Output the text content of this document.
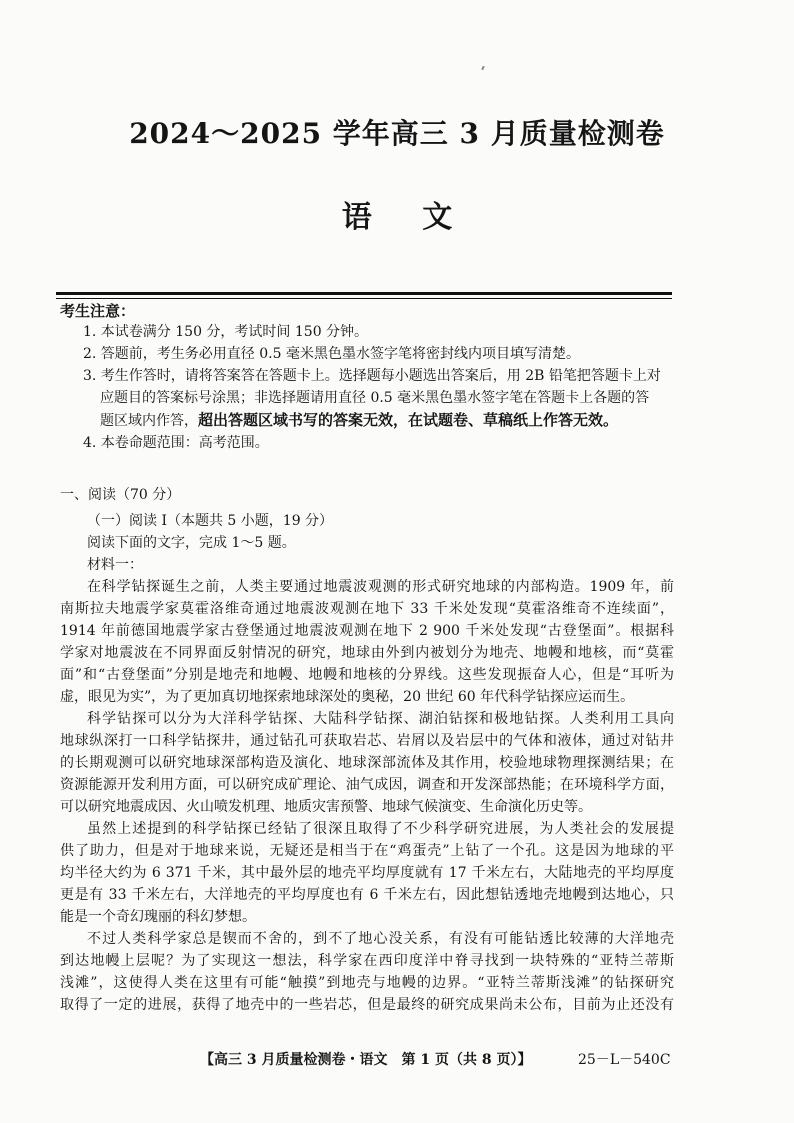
2024～2025 学年高三 3 月质量检测卷
语 文
考生注意：
1. 本试卷满分 150 分，考试时间 150 分钟。
2. 答题前，考生务必用直径 0.5 毫米黑色墨水签字笔将密封线内项目填写清楚。
3. 考生作答时，请将答案答在答题卡上。选择题每小题选出答案后，用 2B 铅笔把答题卡上对
应题目的答案标号涂黑；非选择题请用直径 0.5 毫米黑色墨水签字笔在答题卡上各题的答
题区域内作答，超出答题区域书写的答案无效，在试题卷、草稿纸上作答无效。
4. 本卷命题范围：高考范围。
一、阅读（70 分）
（一）阅读 Ⅰ（本题共 5 小题，19 分）
阅读下面的文字，完成 1～5 题。
材料一：
在科学钻探诞生之前，人类主要通过地震波观测的形式研究地球的内部构造。1909 年，前
南斯拉夫地震学家莫霍洛维奇通过地震波观测在地下 33 千米处发现“莫霍洛维奇不连续面”，
1914 年前德国地震学家古登堡通过地震波观测在地下 2 900 千米处发现“古登堡面”。根据科
学家对地震波在不同界面反射情况的研究，地球由外到内被划分为地壳、地幔和地核，而“莫霍
面”和“古登堡面”分别是地壳和地幔、地幔和地核的分界线。这些发现振奋人心，但是“耳听为
虚，眼见为实”，为了更加真切地探索地球深处的奥秘，20 世纪 60 年代科学钻探应运而生。
科学钻探可以分为大洋科学钻探、大陆科学钻探、湖泊钻探和极地钻探。人类利用工具向
地球纵深打一口科学钻探井，通过钻孔可获取岩芯、岩屑以及岩层中的气体和液体，通过对钻井
的长期观测可以研究地球深部构造及演化、地球深部流体及其作用，校验地球物理探测结果；在
资源能源开发利用方面，可以研究成矿理论、油气成因，调查和开发深部热能；在环境科学方面，
可以研究地震成因、火山喷发机理、地质灾害预警、地球气候演变、生命演化历史等。
虽然上述提到的科学钻探已经钻了很深且取得了不少科学研究进展，为人类社会的发展提
供了助力，但是对于地球来说，无疑还是相当于在“鸡蛋壳”上钻了一个孔。这是因为地球的平
均半径大约为 6 371 千米，其中最外层的地壳平均厚度就有 17 千米左右，大陆地壳的平均厚度
更是有 33 千米左右，大洋地壳的平均厚度也有 6 千米左右，因此想钻透地壳地幔到达地心，只
能是一个奇幻瑰丽的科幻梦想。
不过人类科学家总是锲而不舍的，到不了地心没关系，有没有可能钻透比较薄的大洋地壳
到达地幔上层呢？为了实现这一想法，科学家在西印度洋中脊寻找到一块特殊的“亚特兰蒂斯
浅滩”，这使得人类在这里有可能“触摸”到地壳与地幔的边界。“亚特兰蒂斯浅滩”的钻探研究
取得了一定的进展，获得了地壳中的一些岩芯，但是最终的研究成果尚未公布，目前为止还没有
【高三 3 月质量检测卷・语文　第 1 页（共 8 页）】	25－L－540C
